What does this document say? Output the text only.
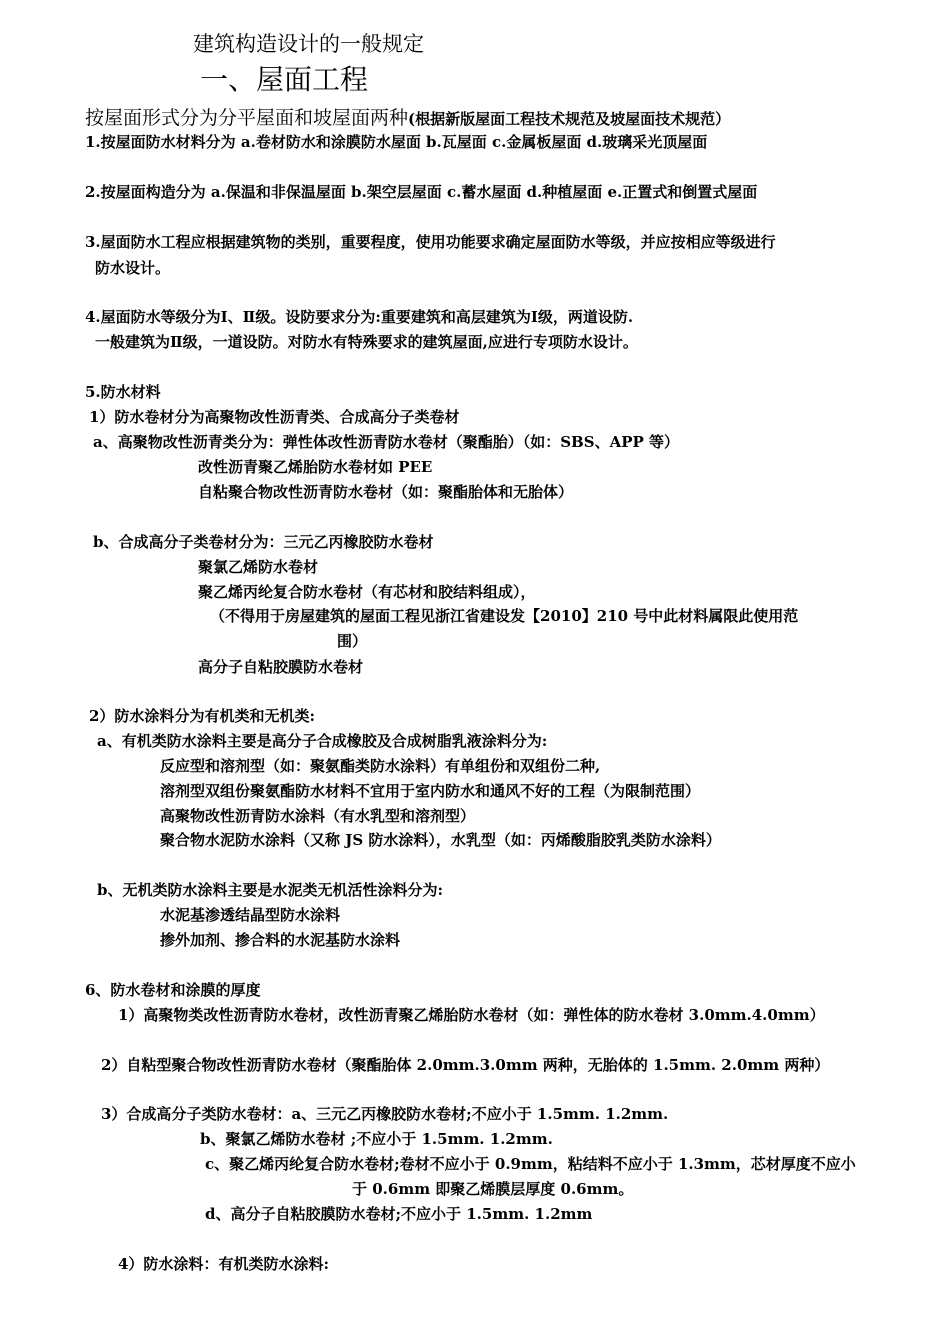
建筑构造设计的一般规定
一、屋面工程
按屋面形式分为分平屋面和坡屋面两种(根据新版屋面工程技术规范及坡屋面技术规范）
1.按屋面防水材料分为 a.卷材防水和涂膜防水屋面 b.瓦屋面 c.金属板屋面 d.玻璃采光顶屋面
2.按屋面构造分为 a.保温和非保温屋面 b.架空层屋面 c.蓄水屋面 d.种植屋面 e.正置式和倒置式屋面
3.屋面防水工程应根据建筑物的类别，重要程度，使用功能要求确定屋面防水等级，并应按相应等级进行
防水设计。
4.屋面防水等级分为Ⅰ、Ⅱ级。设防要求分为:重要建筑和高层建筑为Ⅰ级，两道设防.
一般建筑为Ⅱ级，一道设防。对防水有特殊要求的建筑屋面,应进行专项防水设计。
5.防水材料
1）防水卷材分为高聚物改性沥青类、合成高分子类卷材
a、高聚物改性沥青类分为：弹性体改性沥青防水卷材（聚酯胎）（如：SBS、APP 等）
改性沥青聚乙烯胎防水卷材如 PEE
自粘聚合物改性沥青防水卷材（如：聚酯胎体和无胎体）
b、合成高分子类卷材分为：三元乙丙橡胶防水卷材
聚氯乙烯防水卷材
聚乙烯丙纶复合防水卷材（有芯材和胶结料组成），
（不得用于房屋建筑的屋面工程见浙江省建设发【2010】210 号中此材料属限此使用范
围）
高分子自粘胶膜防水卷材
2）防水涂料分为有机类和无机类:
a、有机类防水涂料主要是高分子合成橡胶及合成树脂乳液涂料分为:
反应型和溶剂型（如：聚氨酯类防水涂料）有单组份和双组份二种,
溶剂型双组份聚氨酯防水材料不宜用于室内防水和通风不好的工程（为限制范围）
高聚物改性沥青防水涂料（有水乳型和溶剂型）
聚合物水泥防水涂料（又称 JS 防水涂料），水乳型（如：丙烯酸脂胶乳类防水涂料）
b、无机类防水涂料主要是水泥类无机活性涂料分为:
水泥基渗透结晶型防水涂料
掺外加剂、掺合料的水泥基防水涂料
6、防水卷材和涂膜的厚度
1）高聚物类改性沥青防水卷材，改性沥青聚乙烯胎防水卷材（如：弹性体的防水卷材 3.0mm.4.0mm）
2）自粘型聚合物改性沥青防水卷材（聚酯胎体 2.0mm.3.0mm 两种，无胎体的 1.5mm. 2.0mm 两种）
3）合成高分子类防水卷材：a、三元乙丙橡胶防水卷材;不应小于 1.5mm. 1.2mm.
b、聚氯乙烯防水卷材 ;不应小于 1.5mm. 1.2mm.
c、聚乙烯丙纶复合防水卷材;卷材不应小于 0.9mm，粘结料不应小于 1.3mm，芯材厚度不应小
于 0.6mm 即聚乙烯膜层厚度 0.6mm。
d、高分子自粘胶膜防水卷材;不应小于 1.5mm. 1.2mm
4）防水涂料：有机类防水涂料:
